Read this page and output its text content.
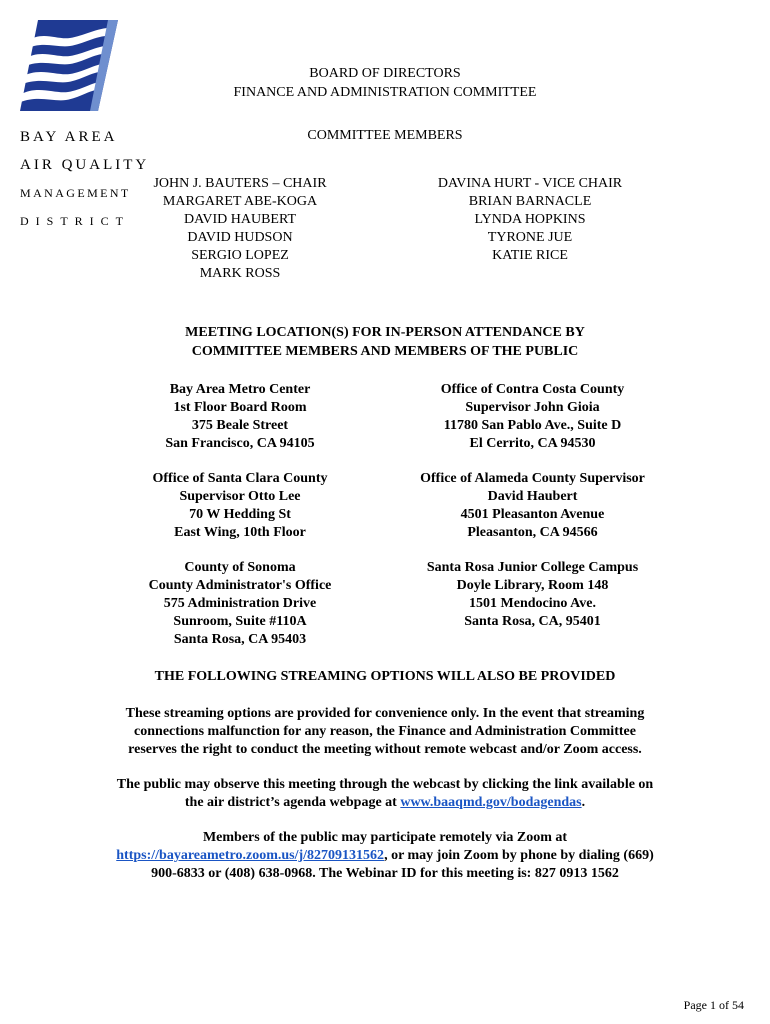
BAY AREA
AIR QUALITY
MANAGEMENT
DISTRICT
BOARD OF DIRECTORS
FINANCE AND ADMINISTRATION COMMITTEE
COMMITTEE MEMBERS
JOHN J. BAUTERS – CHAIR
MARGARET ABE-KOGA
DAVID HAUBERT
DAVID HUDSON
SERGIO LOPEZ
MARK ROSS
DAVINA HURT - VICE CHAIR
BRIAN BARNACLE
LYNDA HOPKINS
TYRONE JUE
KATIE RICE
MEETING LOCATION(S) FOR IN-PERSON ATTENDANCE BY
COMMITTEE MEMBERS AND MEMBERS OF THE PUBLIC
Bay Area Metro Center
1st Floor Board Room
375 Beale Street
San Francisco, CA 94105
Office of Contra Costa County
Supervisor John Gioia
11780 San Pablo Ave., Suite D
El Cerrito, CA 94530
Office of Santa Clara County
Supervisor Otto Lee
70 W Hedding St
East Wing, 10th Floor
Office of Alameda County Supervisor
David Haubert
4501 Pleasanton Avenue
Pleasanton, CA 94566
County of Sonoma
County Administrator's Office
575 Administration Drive
Sunroom, Suite #110A
Santa Rosa, CA 95403
Santa Rosa Junior College Campus
Doyle Library, Room 148
1501 Mendocino Ave.
Santa Rosa, CA, 95401
THE FOLLOWING STREAMING OPTIONS WILL ALSO BE PROVIDED
These streaming options are provided for convenience only. In the event that streaming
connections malfunction for any reason, the Finance and Administration Committee
reserves the right to conduct the meeting without remote webcast and/or Zoom access.
The public may observe this meeting through the webcast by clicking the link available on
the air district’s agenda webpage at www.baaqmd.gov/bodagendas.
Members of the public may participate remotely via Zoom at
https://bayareametro.zoom.us/j/82709131562, or may join Zoom by phone by dialing (669)
900-6833 or (408) 638-0968. The Webinar ID for this meeting is: 827 0913 1562
Page 1 of 54
